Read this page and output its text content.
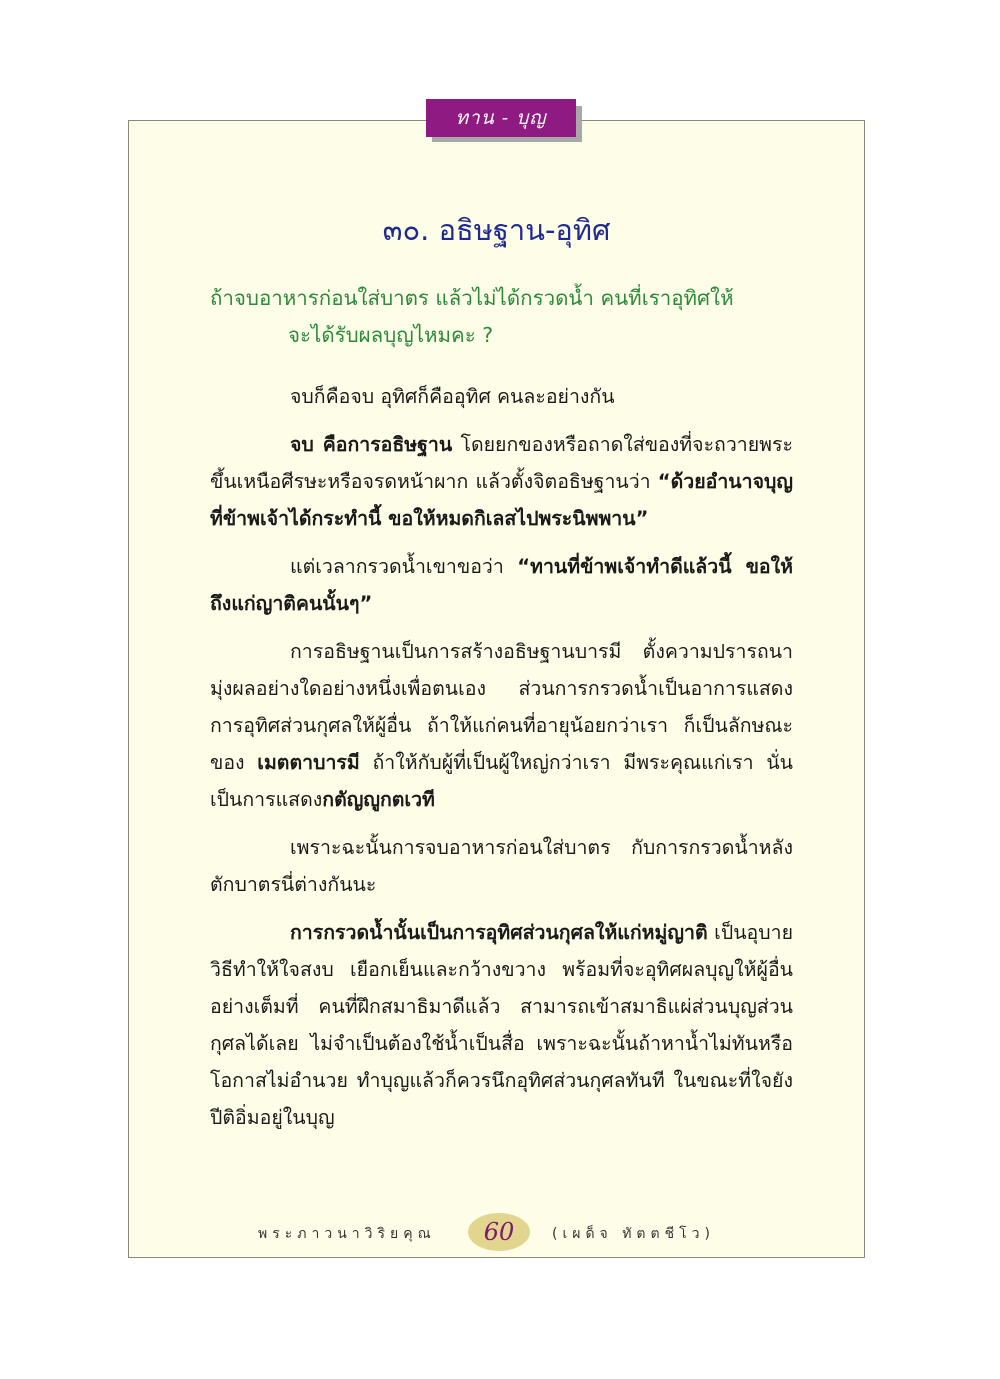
ทาน - บุญ
๓๐. อธิษฐาน-อุทิศ
ถ้าจบอาหารก่อนใส่บาตร แล้วไม่ได้กรวดน้ำ คนที่เราอุทิศให้
จะได้รับผลบุญไหมคะ ?

จบก็คือจบ อุทิศก็คืออุทิศ คนละอย่างกัน

จบ คือการอธิษฐาน โดยยกของหรือถาดใส่ของที่จะถวายพระขึ้นเหนือศีรษะหรือจรดหน้าผาก แล้วตั้งจิตอธิษฐานว่า “ด้วยอำนาจบุญที่ข้าพเจ้าได้กระทำนี้ ขอให้หมดกิเลสไปพระนิพพาน”

แต่เวลากรวดน้ำเขาขอว่า “ทานที่ข้าพเจ้าทำดีแล้วนี้ ขอให้ถึงแก่ญาติคนนั้นๆ”

การอธิษฐานเป็นการสร้างอธิษฐานบารมี ตั้งความปรารถนามุ่งผลอย่างใดอย่างหนึ่งเพื่อตนเอง ส่วนการกรวดน้ำเป็นอาการแสดงการอุทิศส่วนกุศลให้ผู้อื่น ถ้าให้แก่คนที่อายุน้อยกว่าเรา ก็เป็นลักษณะของ เมตตาบารมี ถ้าให้กับผู้ที่เป็นผู้ใหญ่กว่าเรา มีพระคุณแก่เรา นั่นเป็นการแสดงกตัญญูกตเวที

เพราะฉะนั้นการจบอาหารก่อนใส่บาตร กับการกรวดน้ำหลังตักบาตรนี่ต่างกันนะ

การกรวดน้ำนั้นเป็นการอุทิศส่วนกุศลให้แก่หมู่ญาติ เป็นอุบายวิธีทำให้ใจสงบ เยือกเย็นและกว้างขวาง พร้อมที่จะอุทิศผลบุญให้ผู้อื่นอย่างเต็มที่ คนที่ฝึกสมาธิมาดีแล้ว สามารถเข้าสมาธิแผ่ส่วนบุญส่วนกุศลได้เลย ไม่จำเป็นต้องใช้น้ำเป็นสื่อ เพราะฉะนั้นถ้าหาน้ำไม่ทันหรือโอกาสไม่อำนวย ทำบุญแล้วก็ควรนึกอุทิศส่วนกุศลทันที ในขณะที่ใจยังปีติอิ่มอยู่ในบุญ

พระภาวนาวิริยคุณ	60	(เผด็จ ทัตตชีโว)
